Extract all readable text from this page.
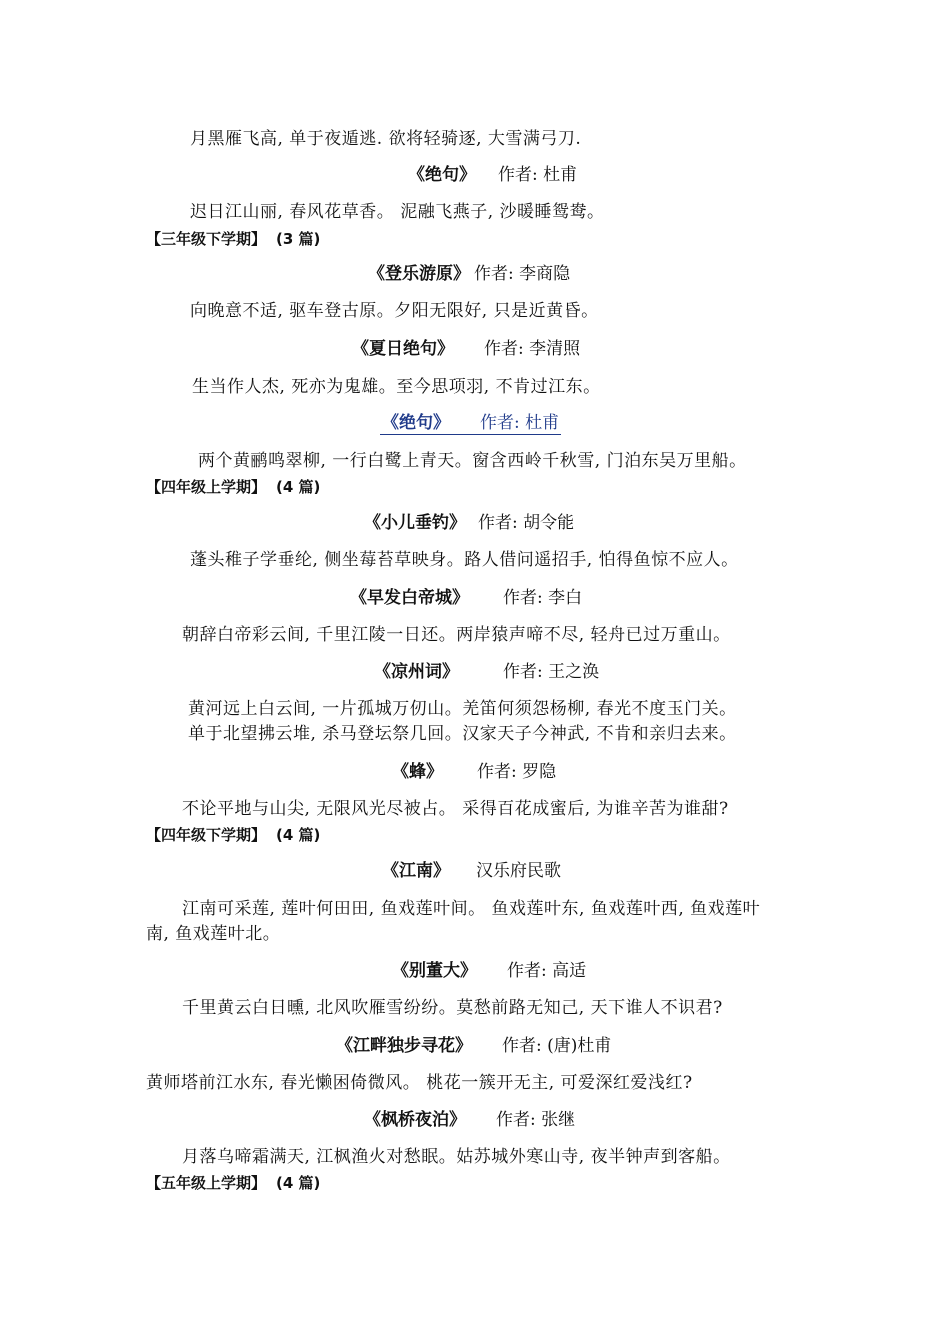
月黑雁飞高, 单于夜遁逃. 欲将轻骑逐, 大雪满弓刀.
《绝句》 作者: 杜甫
迟日江山丽, 春风花草香。 泥融飞燕子, 沙暖睡鸳鸯。
【三年级下学期】 (3 篇)
《登乐游原》 作者: 李商隐
向晚意不适, 驱车登古原。夕阳无限好, 只是近黄昏。
《夏日绝句》 作者: 李清照
生当作人杰, 死亦为鬼雄。至今思项羽, 不肯过江东。
《绝句》 作者: 杜甫
两个黄鹂鸣翠柳, 一行白鹭上青天。窗含西岭千秋雪, 门泊东吴万里船。
【四年级上学期】 (4 篇)
《小儿垂钓》 作者: 胡令能
蓬头稚子学垂纶, 侧坐莓苔草映身。路人借问遥招手, 怕得鱼惊不应人。
《早发白帝城》 作者: 李白
朝辞白帝彩云间, 千里江陵一日还。两岸猿声啼不尽, 轻舟已过万重山。
《凉州词》	作者: 王之涣
黄河远上白云间, 一片孤城万仞山。羌笛何须怨杨柳, 春光不度玉门关。
单于北望拂云堆, 杀马登坛祭几回。汉家天子今神武, 不肯和亲归去来。
《蜂》 作者: 罗隐
不论平地与山尖, 无限风光尽被占。 采得百花成蜜后, 为谁辛苦为谁甜?
【四年级下学期】 (4 篇)
《江南》 汉乐府民歌
江南可采莲, 莲叶何田田, 鱼戏莲叶间。 鱼戏莲叶东, 鱼戏莲叶西, 鱼戏莲叶
南, 鱼戏莲叶北。
《别董大》 作者: 高适
千里黄云白日曛, 北风吹雁雪纷纷。莫愁前路无知己, 天下谁人不识君?
《江畔独步寻花》 作者: (唐)杜甫
黄师塔前江水东, 春光懒困倚微风。 桃花一簇开无主, 可爱深红爱浅红?
《枫桥夜泊》 作者: 张继
月落乌啼霜满天, 江枫渔火对愁眠。姑苏城外寒山寺, 夜半钟声到客船。
【五年级上学期】 (4 篇)
